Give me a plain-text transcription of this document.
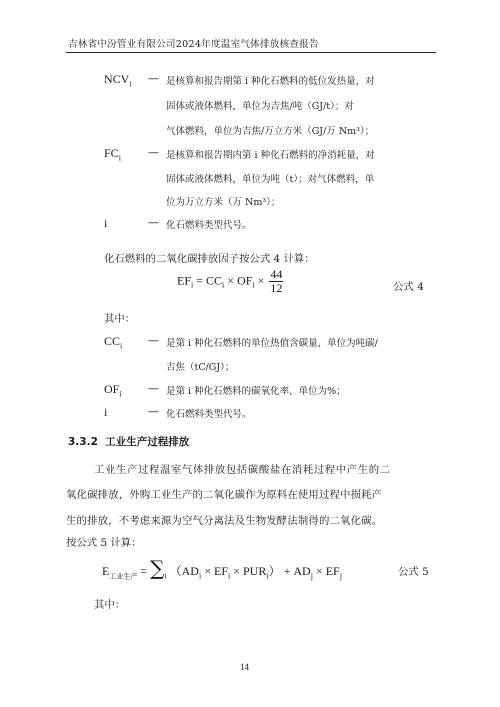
吉林省中汾管业有限公司2024年度温室气体排放核查报告
$NCV_i$ — 是核算和报告期第 i 种化石燃料的低位发热量，对
固体或液体燃料，单位为吉焦/吨（GJ/t）；对
气体燃料，单位为吉焦/万立方米（GJ/万 Nm³）；
$FC_i$ — 是核算和报告期内第 i 种化石燃料的净消耗量，对
固体或液体燃料，单位为吨（t）；对气体燃料，单
位为万立方米（万 Nm³）；
i	— 化石燃料类型代号。
化石燃料的二氧化碳排放因子按公式 4 计算：
$EF_i = CC_i \times OF_i \times \frac{44}{12}$	公式 4
其中：
$CC_i$ — 是第 i 种化石燃料的单位热值含碳量，单位为吨碳/
吉焦（tC/GJ）；
$OF_i$ — 是第 i 种化石燃料的碳氧化率，单位为%；
i	— 化石燃料类型代号。
3.3.2 工业生产过程排放
工业生产过程温室气体排放包括碳酸盐在消耗过程中产生的二
氧化碳排放，外购工业生产的二氧化碳作为原料在使用过程中损耗产
生的排放，不考虑来源为空气分离法及生物发酵法制得的二氧化碳。
按公式 5 计算：
$E_{工业生产} = \sum_i$ $(AD_i \times EF_i \times PUR_i) + AD_j \times EF_j$	公式 5
其中：
14
